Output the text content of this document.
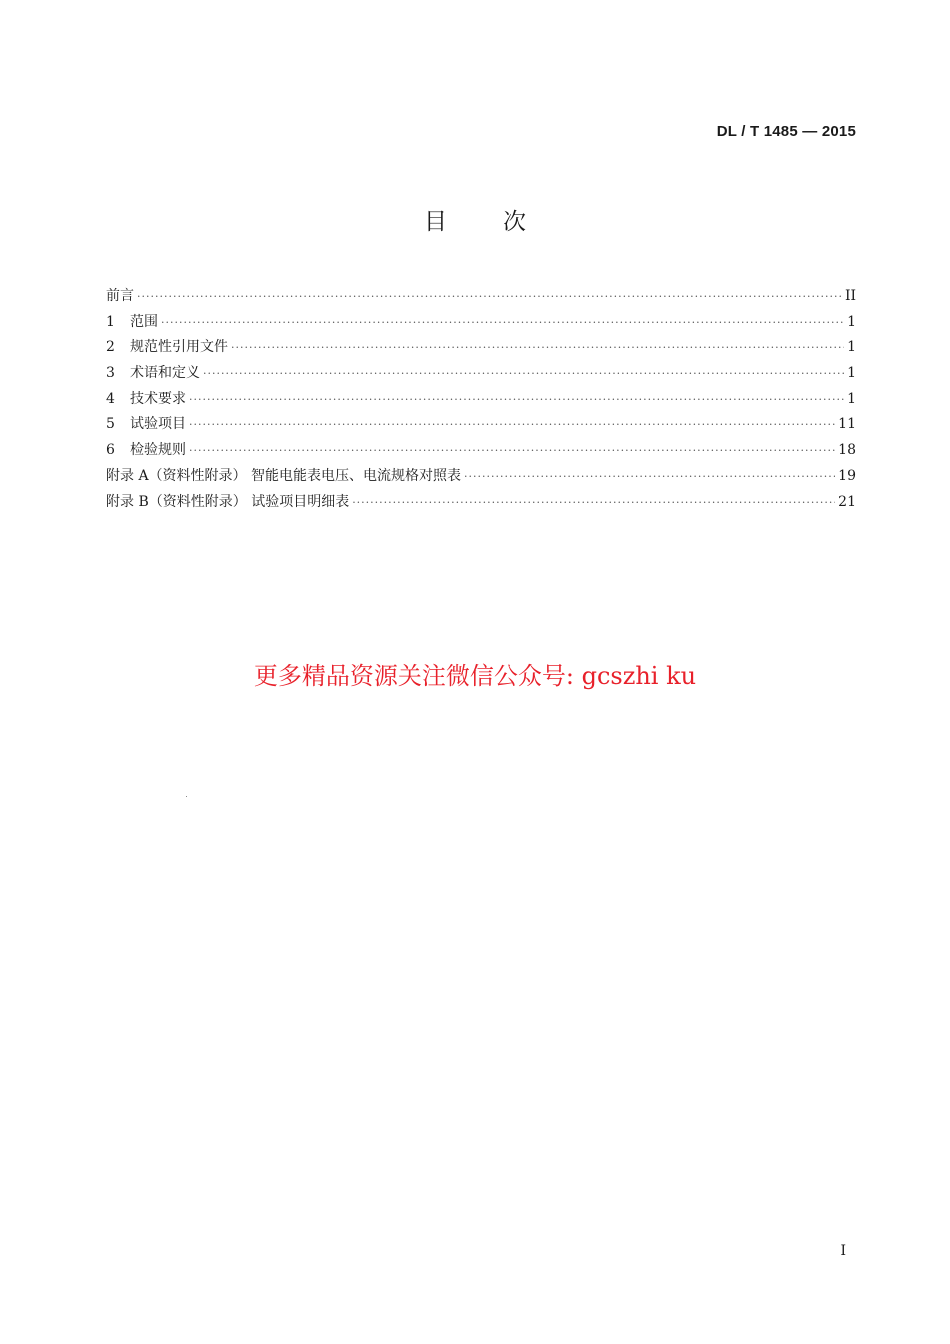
DL / T 1485 — 2015
目 次
前言 ·····	II
1	范围 ·····	1
2	规范性引用文件 ·····	1
3	术语和定义 ·····	1
4	技术要求 ·····	1
5	试验项目 ·····	11
6	检验规则 ·····	18
附录 A（资料性附录） 智能电能表电压、电流规格对照表 ·····	19
附录 B（资料性附录） 试验项目明细表 ·····	21
更多精品资源关注微信公众号: gcszhi ku
I
